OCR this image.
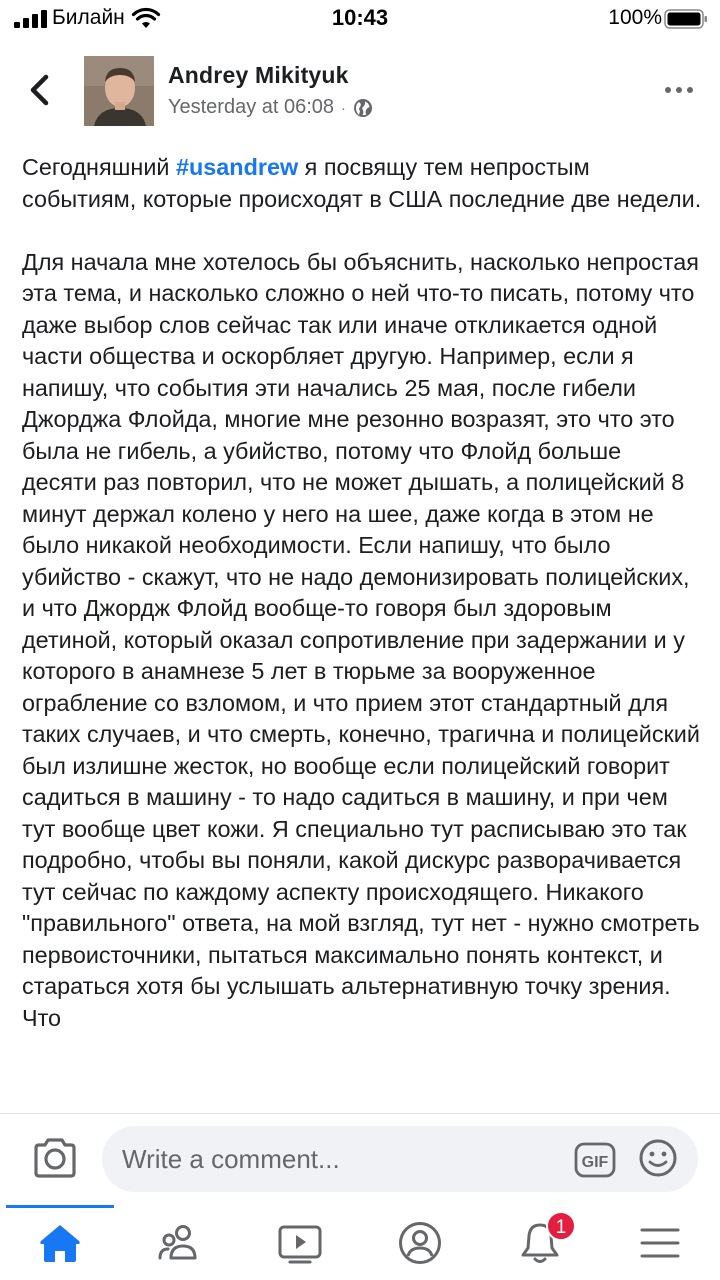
Билайн	10:43	100%
Andrey Mikityuk
Yesterday at 06:08 ·
Сегодняшний #usandrew я посвящу тем непростым событиям, которые происходят в США последние две недели.

Для начала мне хотелось бы объяснить, насколько непростая эта тема, и насколько сложно о ней что-то писать, потому что даже выбор слов сейчас так или иначе откликается одной части общества и оскорбляет другую. Например, если я напишу, что события эти начались 25 мая, после гибели Джорджа Флойда, многие мне резонно возразят, это что это была не гибель, а убийство, потому что Флойд больше десяти раз повторил, что не может дышать, а полицейский 8 минут держал колено у него на шее, даже когда в этом не было никакой необходимости. Если напишу, что было убийство - скажут, что не надо демонизировать полицейских, и что Джордж Флойд вообще-то говоря был здоровым детиной, который оказал сопротивление при задержании и у которого в анамнезе 5 лет в тюрьме за вооруженное ограбление со взломом, и что прием этот стандартный для таких случаев, и что смерть, конечно, трагична и полицейский был излишне жесток, но вообще если полицейский говорит садиться в машину - то надо садиться в машину, и при чем тут вообще цвет кожи. Я специально тут расписываю это так подробно, чтобы вы поняли, какой дискурс разворачивается тут сейчас по каждому аспекту происходящего. Никакого "правильного" ответа, на мой взгляд, тут нет - нужно смотреть первоисточники, пытаться максимально понять контекст, и стараться хотя бы услышать альтернативную точку зрения. Что
Write a comment...	GIF
1
